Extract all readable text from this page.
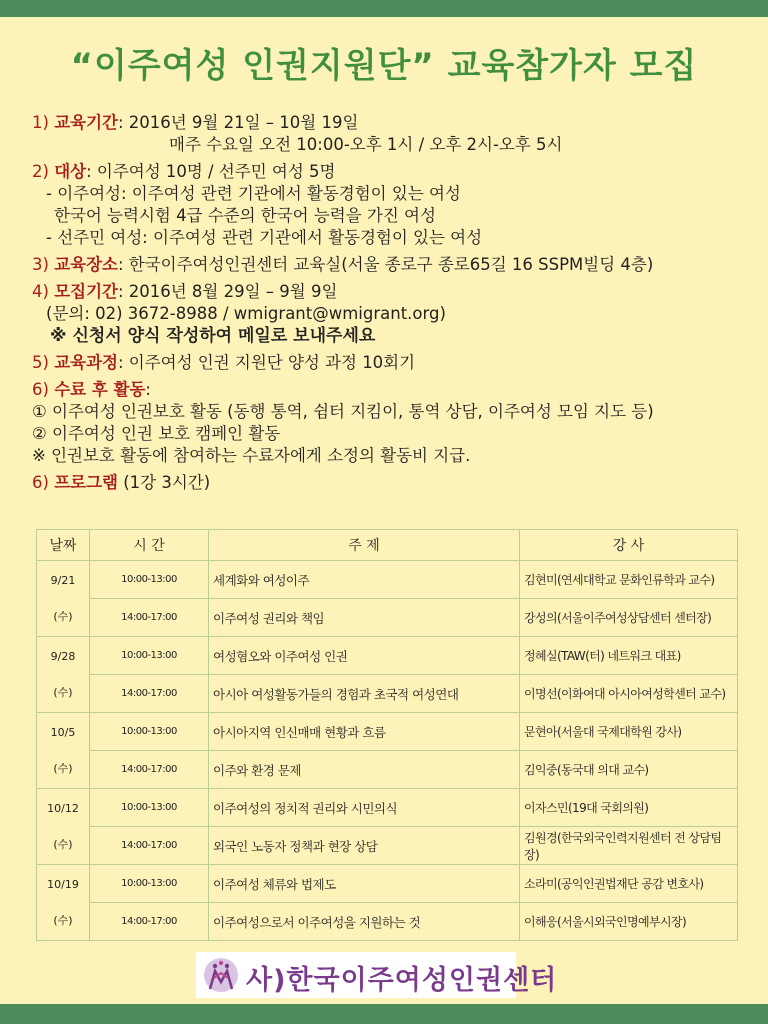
“이주여성 인권지원단” 교육참가자 모집
1) 교육기간: 2016년 9월 21일 – 10월 19일
매주 수요일 오전 10:00-오후 1시 / 오후 2시-오후 5시
2) 대상: 이주여성 10명 / 선주민 여성 5명
- 이주여성: 이주여성 관련 기관에서 활동경험이 있는 여성
한국어 능력시험 4급 수준의 한국어 능력을 가진 여성
- 선주민 여성: 이주여성 관련 기관에서 활동경험이 있는 여성
3) 교육장소: 한국이주여성인권센터 교육실(서울 종로구 종로65길 16 SSPM빌딩 4층)
4) 모집기간: 2016년 8월 29일 – 9월 9일
(문의: 02) 3672-8988 / wmigrant@wmigrant.org)
※ 신청서 양식 작성하여 메일로 보내주세요
5) 교육과정: 이주여성 인권 지원단 양성 과정 10회기
6) 수료 후 활동:
① 이주여성 인권보호 활동 (동행 통역, 쉼터 지킴이, 통역 상담, 이주여성 모임 지도 등)
② 이주여성 인권 보호 캠페인 활동
※ 인권보호 활동에 참여하는 수료자에게 소정의 활동비 지급.
6) 프로그램 (1강 3시간)
날짜	시 간	주 제	강 사

9/21
(수)	10:00-13:00	세계화와 여성이주	김현미(연세대학교 문화인류학과 교수)
	14:00-17:00	이주여성 권리와 책임	강성의(서울이주여성상담센터 센터장)

9/28
(수)	10:00-13:00	여성혐오와 이주여성 인권	정혜실(TAW(터) 네트워크 대표)
	14:00-17:00	아시아 여성활동가들의 경험과 초국적 여성연대	이명선(이화여대 아시아여성학센터 교수)

10/5
(수)	10:00-13:00	아시아지역 인신매매 현황과 흐름	문현아(서울대 국제대학원 강사)
	14:00-17:00	이주와 환경 문제	김익중(동국대 의대 교수)

10/12
(수)	10:00-13:00	이주여성의 정치적 권리와 시민의식	이자스민(19대 국회의원)
	14:00-17:00	외국인 노동자 정책과 현장 상담	김원경(한국외국인력지원센터 전 상담팀장)

10/19
(수)	10:00-13:00	이주여성 체류와 법제도	소라미(공익인권법재단 공감 변호사)
	14:00-17:00	이주여성으로서 이주여성을 지원하는 것	이해응(서울시외국인명예부시장)
사)한국이주여성인권센터
